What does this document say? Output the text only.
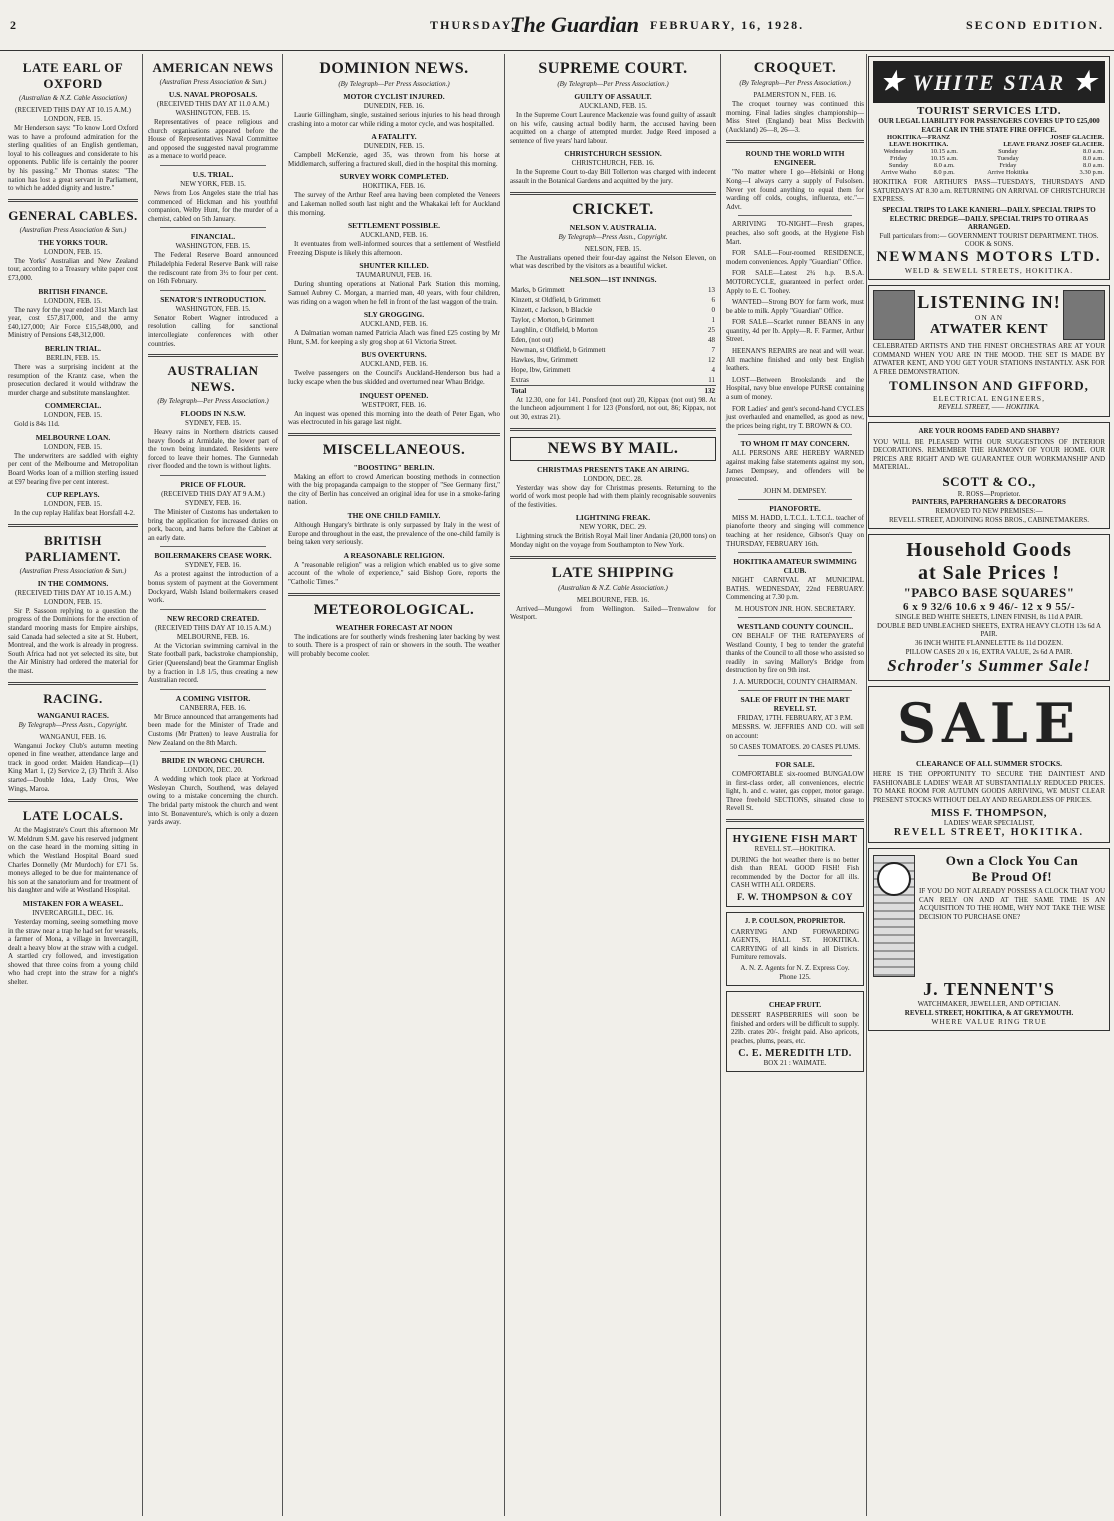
2	THURSDAY,
The Guardian FEBRUARY, 16, 1928.	SECOND EDITION.
LATE EARL OF OXFORD
(Australian & N.Z. Cable Association)
(RECEIVED THIS DAY AT 10.15 A.M.)
LONDON, FEB. 15.

Mr Henderson says: "To know Lord Oxford was to have a profound admiration for the sterling qualities of an English gentleman, loyal to his colleagues and considerate to his opponents. Public life is certainly the poorer by his passing." Mr Thomas states: "The nation has lost a great servant in Parliament, to which he added dignity and lustre."

GENERAL CABLES.
(Australian Press Association & Sun.)
THE YORKS TOUR.
LONDON, FEB. 15.

The Yorks' Australian and New Zealand tour, according to a Treasury white paper cost £73,000.

BRITISH FINANCE.
LONDON, FEB. 15.

The navy for the year ended 31st March last year, cost £57,817,000, and the army £40,127,000; Air Force £15,548,000, and Ministry of Pensions £48,312,000.

BERLIN TRIAL.
BERLIN, FEB. 15.

There was a surprising incident at the resumption of the Krantz case, when the prosecution declared it would withdraw the murder charge and substitute manslaughter.

COMMERCIAL.
LONDON, FEB. 15.

Gold is 84s 11d.

MELBOURNE LOAN.
LONDON, FEB. 15.

The underwriters are saddled with eighty per cent of the Melbourne and Metropolitan Board Works loan of a million sterling issued at £97 bearing five per cent interest.

CUP REPLAYS.
LONDON, FEB. 15.

In the cup replay Halifax beat Horsfall 4-2.

BRITISH PARLIAMENT.
(Australian Press Association & Sun.)
IN THE COMMONS.
(RECEIVED THIS DAY AT 10.15 A.M.)
LONDON, FEB. 15.

Sir P. Sassoon replying to a question the progress of the Dominions for the erection of standard mooring masts for Empire airships, said Canada had selected a site at St. Hubert, Montreal, and the work is already in progress. South Africa had not yet selected its site, but the Air Ministry had ordered the material for the mast.

RACING.
WANGANUI RACES.
By Telegraph—Press Assn., Copyright.
WANGANUI, FEB. 16.

Wanganui Jockey Club's autumn meeting opened in fine weather, attendance large and track in good order. Maiden Handicap—(1) King Mart 1, (2) Service 2, (3) Thrift 3. Also started—Double Idea, Lady Oros, Wee Wings, Maroa.

LATE LOCALS.

At the Magistrate's Court this afternoon Mr W. Meldrum S.M. gave his reserved judgment on the case heard in the morning sitting in which the Westland Hospital Board sued Charles Donnelly (Mr Murdoch) for £71 5s. moneys alleged to be due for maintenance of his son at the sanatorium and for treatment of his daughter and wife at Westland Hospital.

MISTAKEN FOR A WEASEL.
INVERCARGILL, DEC. 16.

Yesterday morning, seeing something move in the straw near a trap he had set for weasels, a farmer of Mona, a village in Invercargill, dealt a heavy blow at the straw with a cudgel. A startled cry followed, and investigation showed that three coins from a young child who had crept into the straw for a night's shelter.

AMERICAN NEWS
(Australian Press Association & Sun.)
U.S. NAVAL PROPOSALS.
(RECEIVED THIS DAY AT 11.0 A.M.)
WASHINGTON, FEB. 15.

Representatives of peace religious and church organisations appeared before the House of Representatives Naval Committee and opposed the suggested naval programme as a menace to world peace.

U.S. TRIAL.
NEW YORK, FEB. 15.

News from Los Angeles state the trial has commenced of Hickman and his youthful companion, Welby Hunt, for the murder of a chemist, cabled on 5th January.

FINANCIAL.
WASHINGTON, FEB. 15.

The Federal Reserve Board announced Philadelphia Federal Reserve Bank will raise the rediscount rate from 3½ to four per cent. on 16th February.

SENATOR'S INTRODUCTION.
WASHINGTON, FEB. 15.

Senator Robert Wagner introduced a resolution calling for sanctional intercollegiate conferences with other countries.

AUSTRALIAN NEWS.
(By Telegraph—Per Press Association.)
FLOODS IN N.S.W.
SYDNEY, FEB. 15.

Heavy rains in Northern districts caused heavy floods at Armidale, the lower part of the town being inundated. Residents were forced to leave their homes. The Gunnedah river flooded and the town is without lights.

PRICE OF FLOUR.
(RECEIVED THIS DAY AT 9 A.M.)
SYDNEY, FEB. 16.

The Minister of Customs has undertaken to bring the application for increased duties on pork, bacon, and hams before the Cabinet at an early date.

BOILERMAKERS CEASE WORK.
SYDNEY, FEB. 16.

As a protest against the introduction of a bonus system of payment at the Government Dockyard, Walsh Island boilermakers ceased work.

NEW RECORD CREATED.
(RECEIVED THIS DAY AT 10.15 A.M.)
MELBOURNE, FEB. 16.

At the Victorian swimming carnival in the State football park, backstroke championship, Grier (Queensland) beat the Grammar English by a fraction in 1.8 1/5, thus creating a new Australian record.

A COMING VISITOR.
CANBERRA, FEB. 16.

Mr Bruce announced that arrangements had been made for the Minister of Trade and Customs (Mr Pratten) to leave Australia for New Zealand on the 8th March.

BRIDE IN WRONG CHURCH.
LONDON, DEC. 20.

A wedding which took place at Yorkroad Wesleyan Church, Southend, was delayed owing to a mistake concerning the church. The bridal party mistook the church and went into St. Bonaventure's, which is only a dozen yards away.

DOMINION NEWS.
(By Telegraph—Per Press Association.)
MOTOR CYCLIST INJURED.
DUNEDIN, FEB. 16.

Laurie Gillingham, single, sustained serious injuries to his head through crashing into a motor car while riding a motor cycle, and was hospitalled.

A FATALITY.
DUNEDIN, FEB. 15.

Campbell McKenzie, aged 35, was thrown from his horse at Middlemarch, suffering a fractured skull, died in the hospital this morning.

SURVEY WORK COMPLETED.
HOKITIKA, FEB. 16.

The survey of the Arthur Reef area having been completed the Veneers and Lakeman nolled south last night and the Whakakai left for Auckland this morning.

SETTLEMENT POSSIBLE.
AUCKLAND, FEB. 16.

It eventuates from well-informed sources that a settlement of Westfield Freezing Dispute is likely this afternoon.

SHUNTER KILLED.
TAUMARUNUI, FEB. 16.

During shunting operations at National Park Station this morning, Samuel Aubrey C. Morgan, a married man, 40 years, with four children, was riding on a wagon when he fell in front of the last waggon of the train.

SLY GROGGING.
AUCKLAND, FEB. 16.

A Dalmatian woman named Patricia Alach was fined £25 costing by Mr Hunt, S.M. for keeping a sly grog shop at 61 Victoria Street.

BUS OVERTURNS.
AUCKLAND, FEB. 16.

Twelve passengers on the Council's Auckland-Henderson bus had a lucky escape when the bus skidded and overturned near Whau Bridge.

INQUEST OPENED.
WESTPORT, FEB. 16.

An inquest was opened this morning into the death of Peter Egan, who was electrocuted in his garage last night.

MISCELLANEOUS.
"BOOSTING" BERLIN.

Making an effort to crowd American boosting methods in connection with the big propaganda campaign to the stopper of "See Germany first," the city of Berlin has conceived an original idea for use in a smoke-faring nation.

THE ONE CHILD FAMILY.

Although Hungary's birthrate is only surpassed by Italy in the west of Europe and throughout in the east, the prevalence of the one-child family is being taken very seriously.

A REASONABLE RELIGION.

A "reasonable religion" was a religion which enabled us to give some account of the whole of experience," said Bishop Gore, reports the "Catholic Times."

METEOROLOGICAL.
WEATHER FORECAST AT NOON

The indications are for southerly winds freshening later backing by west to south. There is a prospect of rain or showers in the south. The weather will probably become cooler.

SUPREME COURT.
(By Telegraph—Per Press Association.)
GUILTY OF ASSAULT.
AUCKLAND, FEB. 15.

In the Supreme Court Laurence Mackenzie was found guilty of assault on his wife, causing actual bodily harm, the accused having been acquitted on a charge of attempted murder. Judge Reed imposed a sentence of five years' hard labour.

CHRISTCHURCH SESSION.
CHRISTCHURCH, FEB. 16.

In the Supreme Court to-day Bill Tollerton was charged with indecent assault in the Botanical Gardens and acquitted by the jury.

CRICKET.
NELSON V. AUSTRALIA.
By Telegraph—Press Assn., Copyright.
NELSON, FEB. 15.

The Australians opened their four-day against the Nelson Eleven, on what was described by the visitors as a beautiful wicket.

NELSON—1ST INNINGS.
Marks, b Grimmett	13
Kinzett, st Oldfield, b Grimmett	6
Kinzett, c Jackson, b Blackie	0
Taylor, c Morton, b Grimmett	1
Laughlin, c Oldfield, b Morton	25
Eden, (not out)	48
Newman, st Oldfield, b Grimmett	7
Hawkes, lbw, Grimmett	12
Hope, lbw, Grimmett	4
Extras	11
Total	132

At 12.30, one for 141. Ponsford (not out) 20, Kippax (not out) 98. At the luncheon adjournment 1 for 123 (Ponsford, not out, 86; Kippax, not out 30, extras 21).

NEWS BY MAIL.
CHRISTMAS PRESENTS TAKE AN AIRING.
LONDON, DEC. 28.

Yesterday was show day for Christmas presents. Returning to the world of work most people had with them plainly recognisable souvenirs of the festivities.

LIGHTNING FREAK.
NEW YORK, DEC. 29.

Lightning struck the British Royal Mail liner Andania (20,000 tons) on Monday night on the voyage from Southampton to New York.

LATE SHIPPING
(Australian & N.Z. Cable Association.)
MELBOURNE, FEB. 16.

Arrived—Mungowi from Wellington. Sailed—Trenwalow for Westport.

CROQUET.
(By Telegraph—Per Press Association.)
PALMERSTON N., FEB. 16.

The croquet tourney was continued this morning. Final ladies singles championship—Miss Steel (England) beat Miss Beckwith (Auckland) 26—8, 26—3.

ROUND THE WORLD WITH ENGINEER.

"No matter where I go—Helsinki or Hong Kong—I always carry a supply of Fulsolsen. Never yet found anything to equal them for warding off colds, coughs, influenza, etc."—Advt.

ARRIVING TO-NIGHT—Fresh grapes, peaches, also soft goods, at the Hygiene Fish Mart.

FOR SALE—Four-roomed RESIDENCE, modern conveniences. Apply "Guardian" Office.

FOR SALE—Latest 2¾ h.p. B.S.A. MOTORCYCLE, guaranteed in perfect order. Apply to E. C. Toohey.

WANTED—Strong BOY for farm work, must be able to milk. Apply "Guardian" Office.

FOR SALE—Scarlet runner BEANS in any quantity, 4d per lb. Apply—R. F. Farmer, Arthur Street.

HEENAN'S REPAIRS are neat and will wear. All machine finished and only best English leathers.

LOST—Between Brookslands and the Hospital, navy blue envelope PURSE containing a sum of money.

FOR Ladies' and gent's second-hand CYCLES just overhauled and enamelled, as good as new, the prices being right, try T. BROWN & CO.

TO WHOM IT MAY CONCERN.

ALL PERSONS ARE HEREBY WARNED against making false statements against my son, James Dempsey, and offenders will be prosecuted.

JOHN M. DEMPSEY.
PIANOFORTE.

MISS M. HADD, L.T.C.L. L.T.C.L. teacher of pianoforte theory and singing will commence teaching at her residence, Gibson's Quay on THURSDAY, FEBRUARY 16th.

HOKITIKA AMATEUR SWIMMING CLUB.

NIGHT CARNIVAL AT MUNICIPAL BATHS. WEDNESDAY, 22nd FEBRUARY. Commencing at 7.30 p.m.

M. HOUSTON JNR. HON. SECRETARY.
WESTLAND COUNTY COUNCIL.

ON BEHALF OF THE RATEPAYERS of Westland County, I beg to tender the grateful thanks of the Council to all those who assisted so readily in saving Mallory's Bridge from destruction by fire on 9th inst.

J. A. MURDOCH, COUNTY CHAIRMAN.
SALE OF FRUIT IN THE MART REVELL ST.
FRIDAY, 17TH. FEBRUARY, AT 3 P.M.

MESSRS. W. JEFFRIES AND CO. will sell on account:

50 CASES TOMATOES. 20 CASES PLUMS.
FOR SALE.

COMFORTABLE six-roomed BUNGALOW in first-class order, all conveniences, electric light, h. and c. water, gas copper, motor garage. Three freehold SECTIONS, situated close to Revell St.

HYGIENE FISH MART
REVELL ST.—HOKITIKA.

DURING the hot weather there is no better dish than REAL GOOD FISH! Fish recommended by the Doctor for all ills. CASH WITH ALL ORDERS.

F. W. THOMPSON & COY
J. P. COULSON, PROPRIETOR.

CARRYING AND FORWARDING AGENTS, HALL ST. HOKITIKA. CARRYING of all kinds in all Districts. Furniture removals.

A. N. Z. Agents for N. Z. Express Coy. Phone 125.
CHEAP FRUIT.

DESSERT RASPBERRIES will soon be finished and orders will be difficult to supply. 22lb. crates 20/-. freight paid. Also apricots, peaches, plums, pears, etc.

C. E. MEREDITH LTD.
BOX 21 : WAIMATE.
★ WHITE STAR ★
TOURIST SERVICES LTD.
OUR LEGAL LIABILITY FOR PASSENGERS COVERS UP TO £25,000 EACH CAR IN THE STATE FIRE OFFICE.
HOKITIKA—FRANZ		JOSEF GLACIER.	
LEAVE HOKITIKA.		LEAVE FRANZ JOSEF GLACIER.	
Wednesday	10.15 a.m.	Sunday	8.0 a.m.
Friday	10.15 a.m.	Tuesday	8.0 a.m.
Sunday	8.0 a.m.	Friday	8.0 a.m.
Arrive Waiho	8.0 p.m.	Arrive Hokitika	3.30 p.m.

HOKITIKA FOR ARTHUR'S PASS—TUESDAYS, THURSDAYS AND SATURDAYS AT 8.30 a.m. RETURNING ON ARRIVAL OF CHRISTCHURCH EXPRESS.

SPECIAL TRIPS TO LAKE KANIERI—DAILY. SPECIAL TRIPS TO ELECTRIC DREDGE—DAILY. SPECIAL TRIPS TO OTIRA AS ARRANGED.
Full particulars from:— GOVERNMENT TOURIST DEPARTMENT. THOS. COOK & SONS.
NEWMANS MOTORS LTD.
WELD & SEWELL STREETS, HOKITIKA.
LISTENING IN!
ON AN
ATWATER KENT

CELEBRATED ARTISTS AND THE FINEST ORCHESTRAS ARE AT YOUR COMMAND WHEN YOU ARE IN THE MOOD. THE SET IS MADE BY ATWATER KENT, AND YOU GET YOUR STATIONS INSTANTLY. ASK FOR A FREE DEMONSTRATION.

TOMLINSON AND GIFFORD,
ELECTRICAL ENGINEERS,
REVELL STREET, —— HOKITIKA.
ARE YOUR ROOMS FADED AND SHABBY?

YOU WILL BE PLEASED WITH OUR SUGGESTIONS OF INTERIOR DECORATIONS. REMEMBER THE HARMONY OF YOUR HOME. OUR PRICES ARE RIGHT AND WE GUARANTEE OUR WORKMANSHIP AND MATERIAL.

SCOTT & CO.,
R. ROSS—Proprietor.
PAINTERS, PAPERHANGERS & DECORATORS
REMOVED TO NEW PREMISES:—
REVELL STREET, ADJOINING ROSS BROS., CABINETMAKERS.
Household Goods
at Sale Prices !
"PABCO BASE SQUARES"
6 x 9 32/6 10.6 x 9 46/- 12 x 9 55/-
SINGLE BED WHITE SHEETS, LINEN FINISH, 8s 11d A PAIR.
DOUBLE BED UNBLEACHED SHEETS, EXTRA HEAVY CLOTH 13s 6d A PAIR.
36 INCH WHITE FLANNELETTE 8s 11d DOZEN.
PILLOW CASES 20 x 16, EXTRA VALUE, 2s 6d A PAIR.
Schroder's Summer Sale!
SALE
CLEARANCE OF ALL SUMMER STOCKS.

HERE IS THE OPPORTUNITY TO SECURE THE DAINTIEST AND FASHIONABLE LADIES' WEAR AT SUBSTANTIALLY REDUCED PRICES. TO MAKE ROOM FOR AUTUMN GOODS ARRIVING, WE MUST CLEAR PRESENT STOCKS WITHOUT DELAY AND REGARDLESS OF PRICES.

MISS F. THOMPSON,
LADIES' WEAR SPECIALIST,
REVELL STREET, HOKITIKA.
Own a Clock You Can
Be Proud Of!

IF YOU DO NOT ALREADY POSSESS A CLOCK THAT YOU CAN RELY ON AND AT THE SAME TIME IS AN ACQUISITION TO THE HOME, WHY NOT TAKE THE WISE DECISION TO PURCHASE ONE?

J. TENNENT'S
WATCHMAKER, JEWELLER, AND OPTICIAN.
REVELL STREET, HOKITIKA, & AT GREYMOUTH.
WHERE VALUE RING TRUE
